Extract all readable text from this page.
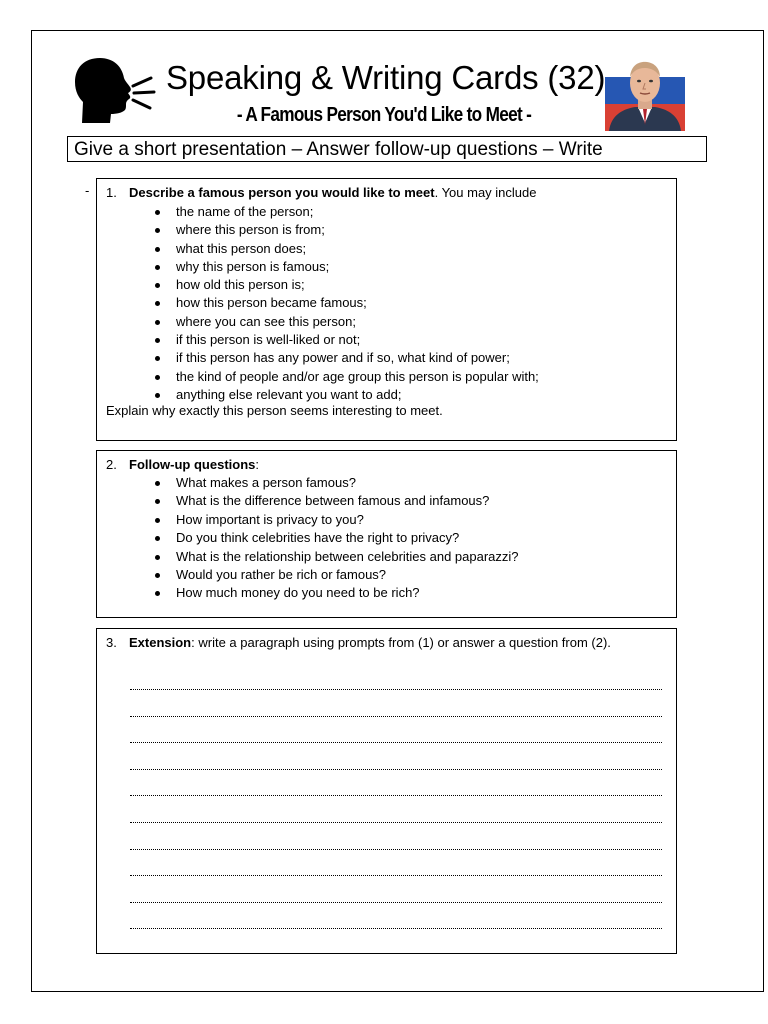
Speaking & Writing Cards (32)
- A Famous Person You'd Like to Meet -
Give a short presentation – Answer follow-up questions – Write
- 1. Describe a famous person you would like to meet. You may include
the name of the person;
where this person is from;
what this person does;
why this person is famous;
how old this person is;
how this person became famous;
where you can see this person;
if this person is well-liked or not;
if this person has any power and if so, what kind of power;
the kind of people and/or age group this person is popular with;
anything else relevant you want to add;
Explain why exactly this person seems interesting to meet.
2. Follow-up questions:
What makes a person famous?
What is the difference between famous and infamous?
How important is privacy to you?
Do you think celebrities have the right to privacy?
What is the relationship between celebrities and paparazzi?
Would you rather be rich or famous?
How much money do you need to be rich?
3. Extension: write a paragraph using prompts from (1) or answer a question from (2).
